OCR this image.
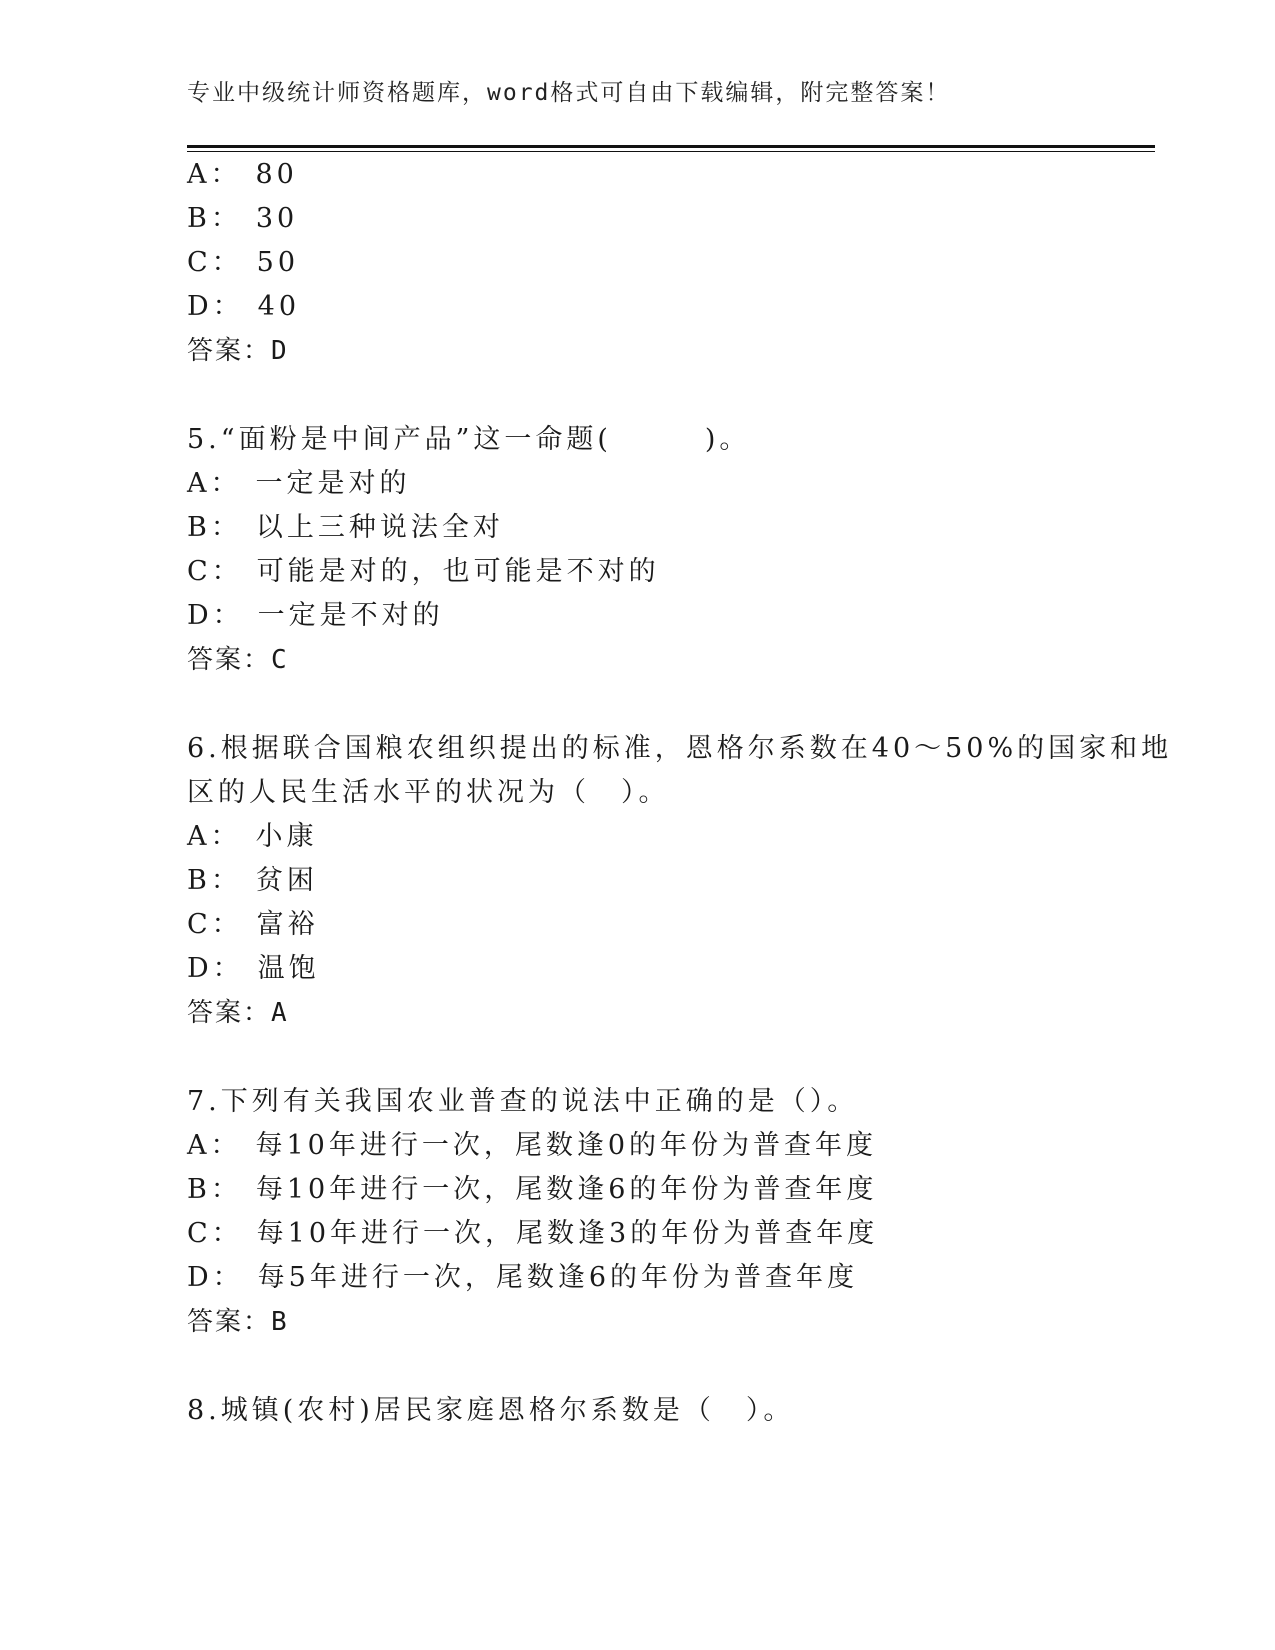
专业中级统计师资格题库，word格式可自由下载编辑，附完整答案！
A： 80
B： 30
C： 50
D： 40
答案：D
5.“面粉是中间产品”这一命题(　　　)。
A： 一定是对的
B： 以上三种说法全对
C： 可能是对的，也可能是不对的
D： 一定是不对的
答案：C
6.根据联合国粮农组织提出的标准，恩格尔系数在40～50%的国家和地
区的人民生活水平的状况为（　）。
A： 小康
B： 贫困
C： 富裕
D： 温饱
答案：A
7.下列有关我国农业普查的说法中正确的是（）。
A： 每10年进行一次，尾数逢0的年份为普查年度
B： 每10年进行一次，尾数逢6的年份为普查年度
C： 每10年进行一次，尾数逢3的年份为普查年度
D： 每5年进行一次，尾数逢6的年份为普查年度
答案：B
8.城镇(农村)居民家庭恩格尔系数是（　）。
